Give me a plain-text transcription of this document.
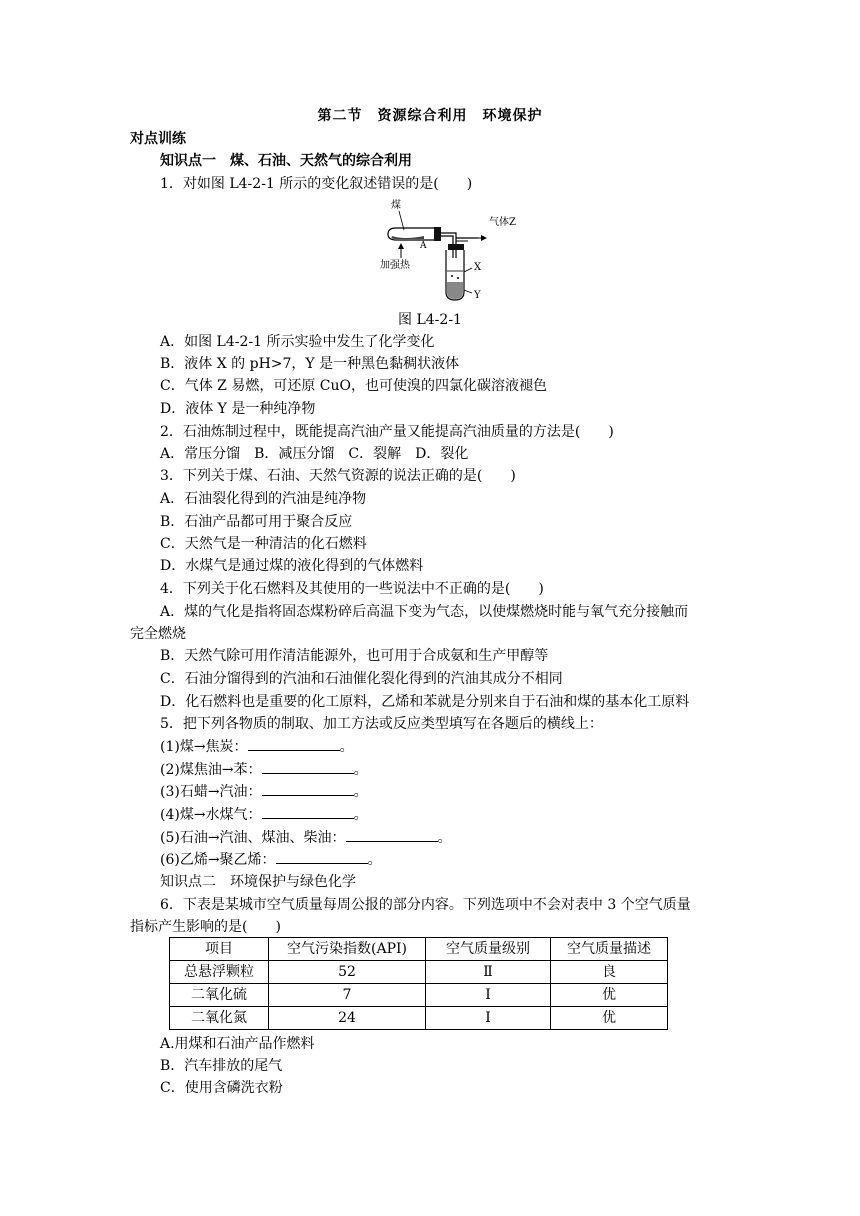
第二节　资源综合利用　环境保护
对点训练
知识点一　煤、石油、天然气的综合利用
1．对如图 L4-2-1 所示的变化叙述错误的是(　　)
煤
气体Z
A
加强热	X
Y
图 L4-2-1
A．如图 L4-2-1 所示实验中发生了化学变化
B．液体 X 的 pH>7，Y 是一种黑色黏稠状液体
C．气体 Z 易燃，可还原 CuO，也可使溴的四氯化碳溶液褪色
D．液体 Y 是一种纯净物
2．石油炼制过程中，既能提高汽油产量又能提高汽油质量的方法是(　　)
A．常压分馏　B．减压分馏　C．裂解　D．裂化
3．下列关于煤、石油、天然气资源的说法正确的是(　　)
A．石油裂化得到的汽油是纯净物
B．石油产品都可用于聚合反应
C．天然气是一种清洁的化石燃料
D．水煤气是通过煤的液化得到的气体燃料
4．下列关于化石燃料及其使用的一些说法中不正确的是(　　)
A．煤的气化是指将固态煤粉碎后高温下变为气态，以使煤燃烧时能与氧气充分接触而
完全燃烧
B．天然气除可用作清洁能源外，也可用于合成氨和生产甲醇等
C．石油分馏得到的汽油和石油催化裂化得到的汽油其成分不相同
D．化石燃料也是重要的化工原料，乙烯和苯就是分别来自于石油和煤的基本化工原料
5．把下列各物质的制取、加工方法或反应类型填写在各题后的横线上：
(1)煤→焦炭：	。
(2)煤焦油→苯：	。
(3)石蜡→汽油：	。
(4)煤→水煤气：	。
(5)石油→汽油、煤油、柴油：	。
(6)乙烯→聚乙烯：	。
知识点二　环境保护与绿色化学
6．下表是某城市空气质量每周公报的部分内容。下列选项中不会对表中 3 个空气质量
指标产生影响的是(　　)
项目	空气污染指数(API)	空气质量级别	空气质量描述
总悬浮颗粒	52	Ⅱ	良
二氧化硫	7	Ⅰ	优
二氧化氮	24	Ⅰ	优
A.用煤和石油产品作燃料
B．汽车排放的尾气
C．使用含磷洗衣粉
